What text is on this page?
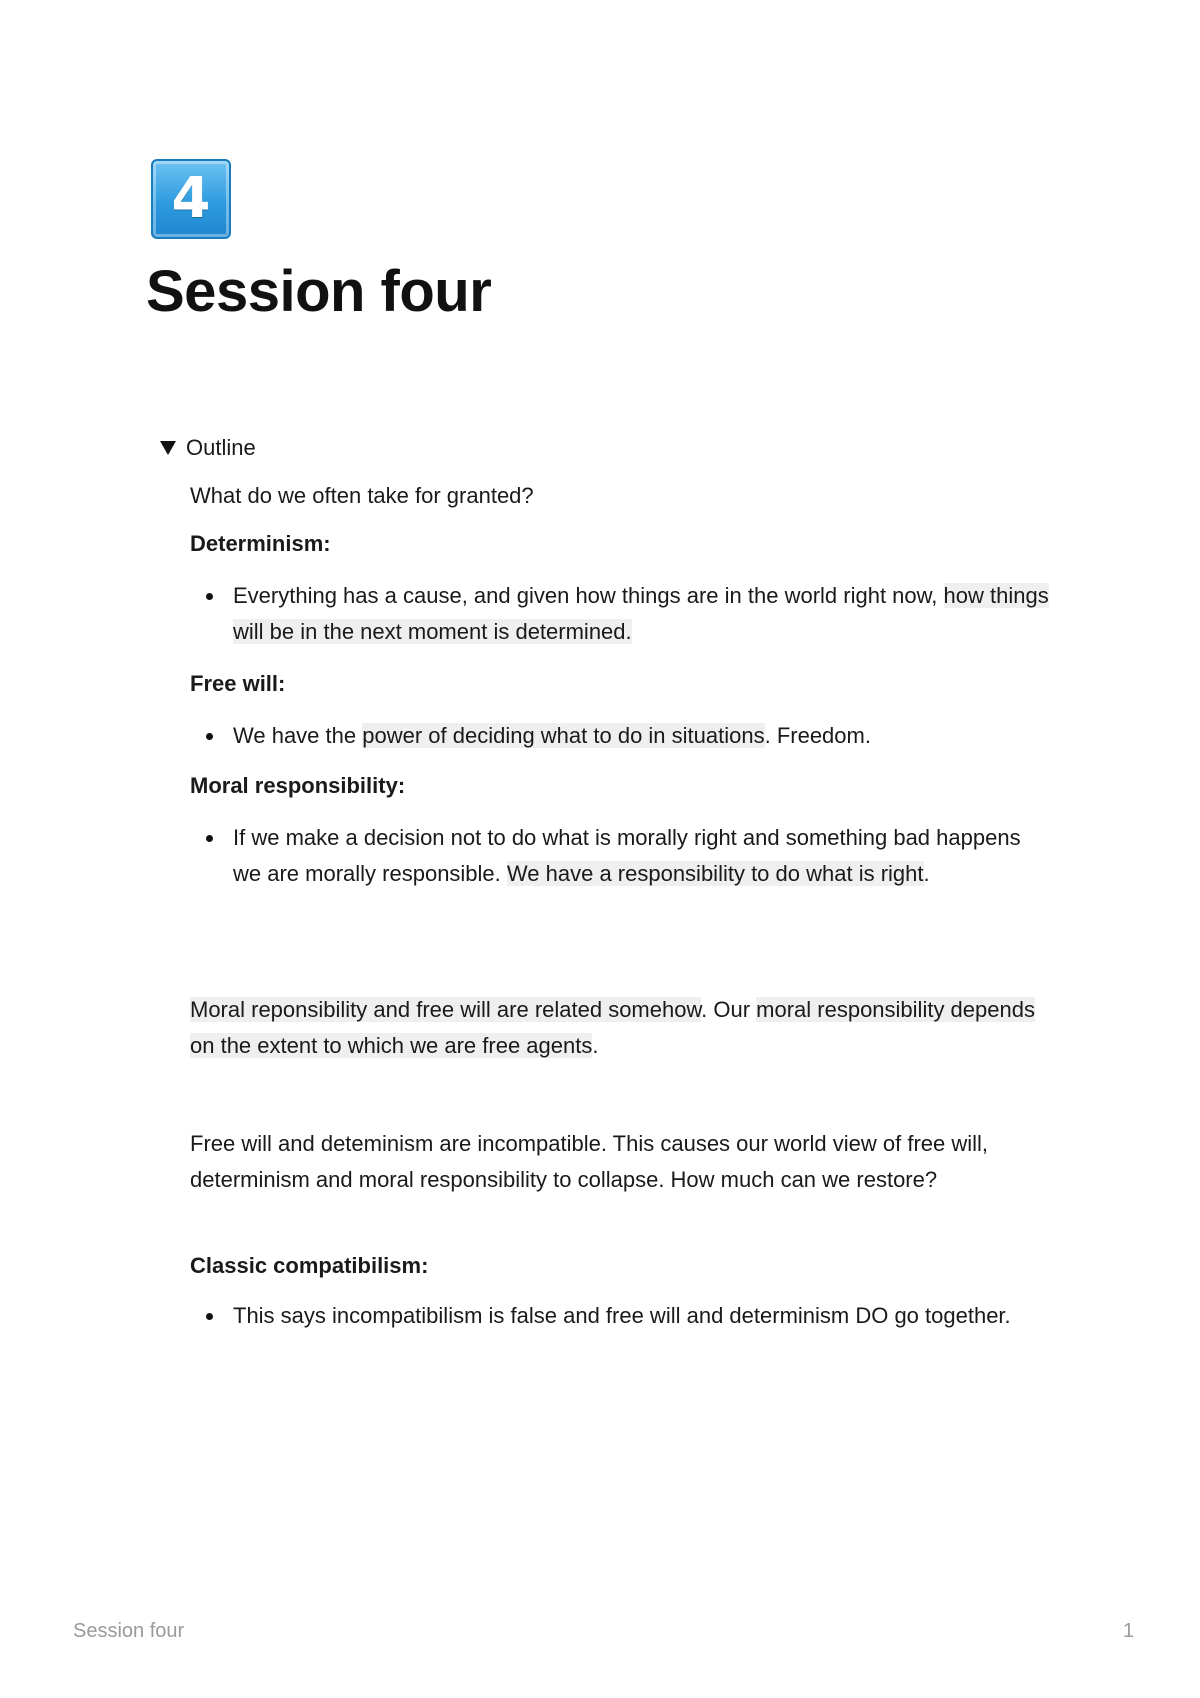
4
Session four
Outline

What do we often take for granted?

Determinism:

Everything has a cause, and given how things are in the world right now, how things will be in the next moment is determined.

Free will:

We have the power of deciding what to do in situations. Freedom.

Moral responsibility:

If we make a decision not to do what is morally right and something bad happens we are morally responsible. We have a responsibility to do what is right.

Moral reponsibility and free will are related somehow. Our moral responsibility depends on the extent to which we are free agents.

Free will and deteminism are incompatible. This causes our world view of free will, determinism and moral responsibility to collapse. How much can we restore?

Classic compatibilism:

This says incompatibilism is false and free will and determinism DO go together.
Session four	1
